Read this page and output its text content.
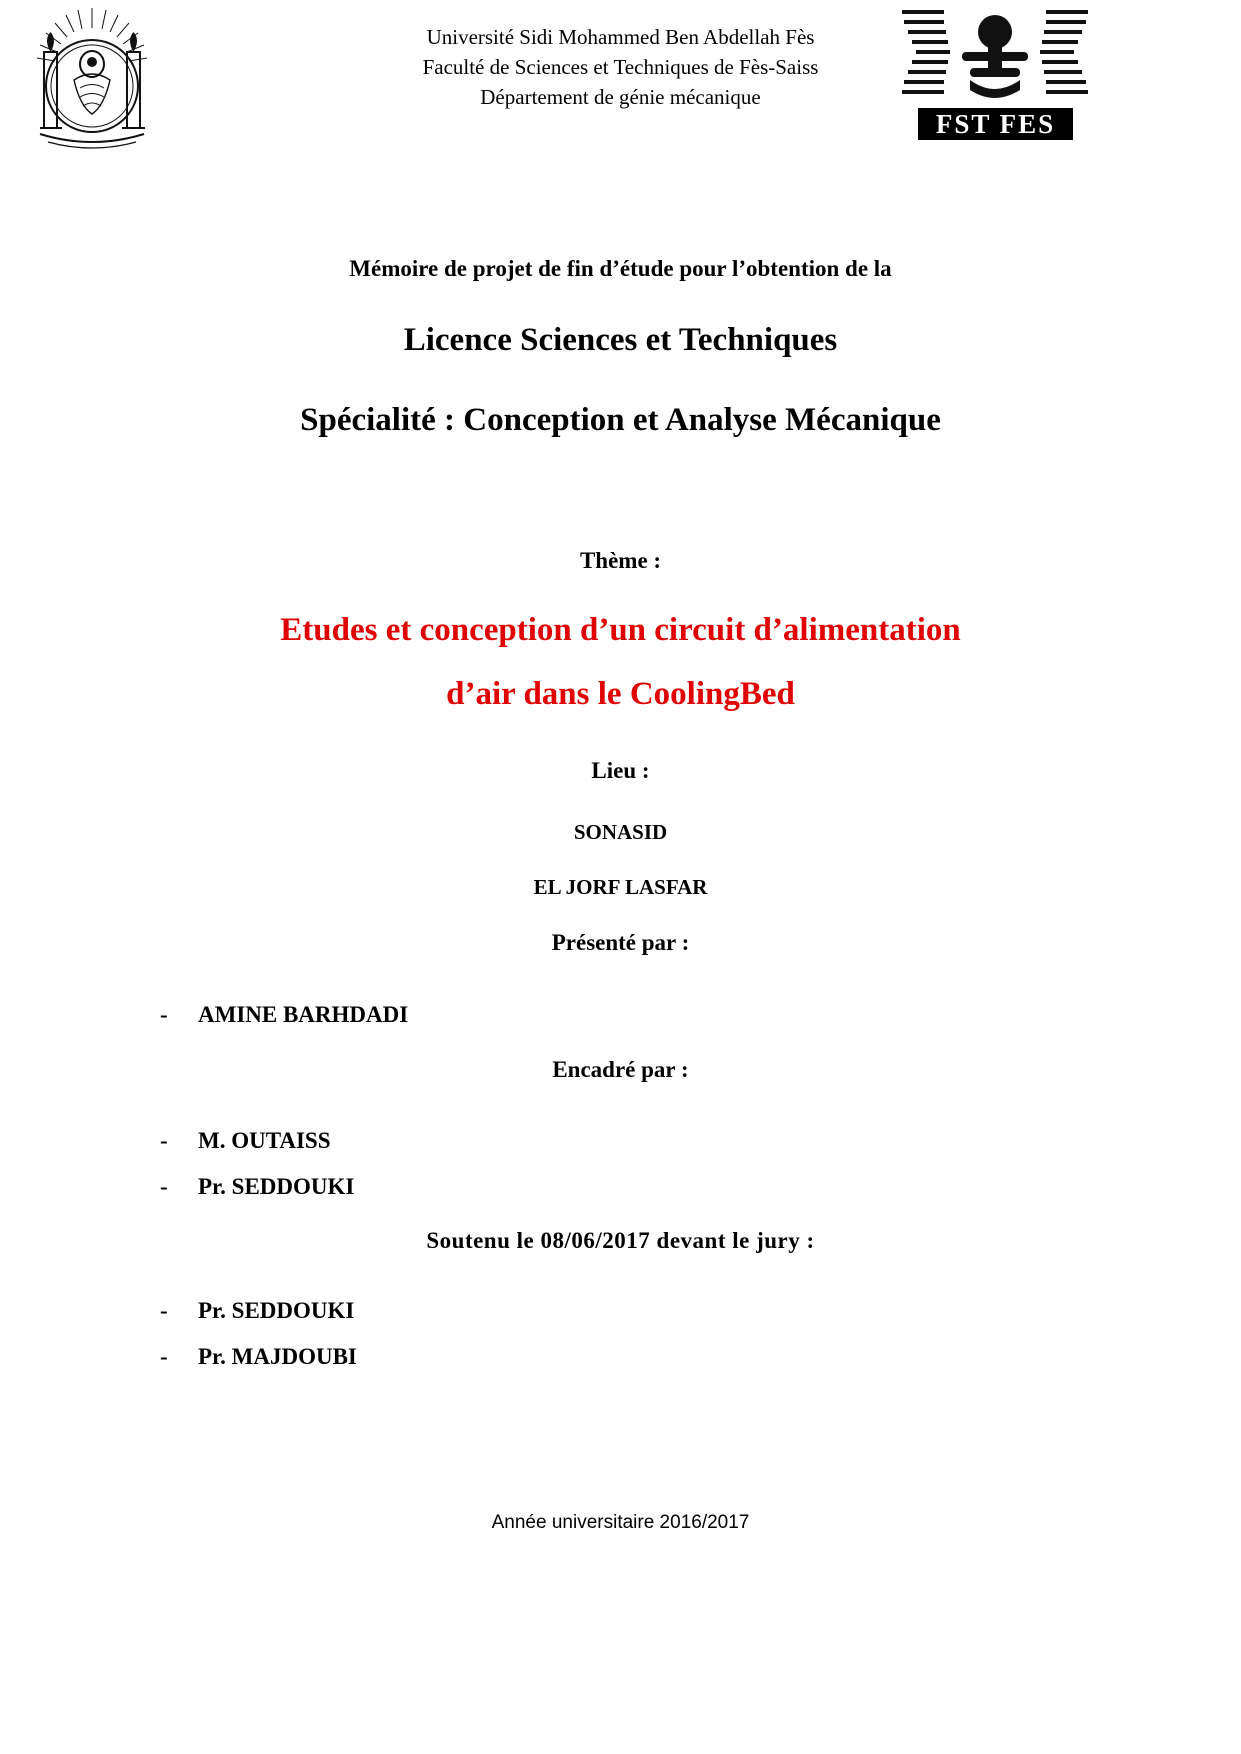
Université Sidi Mohammed Ben Abdellah Fès
Faculté de Sciences et Techniques de Fès-Saiss
Département de génie mécanique
FST FES
Mémoire de projet de fin d’étude pour l’obtention de la
Licence Sciences et Techniques
Spécialité : Conception et Analyse Mécanique
Thème :
Etudes et conception d’un circuit d’alimentation
d’air dans le CoolingBed
Lieu :
SONASID
EL JORF LASFAR
Présenté par :
- AMINE BARHDADI
Encadré par :
- M. OUTAISS
- Pr. SEDDOUKI
Soutenu le 08/06/2017 devant le jury :
- Pr. SEDDOUKI
- Pr. MAJDOUBI
Année universitaire 2016/2017
